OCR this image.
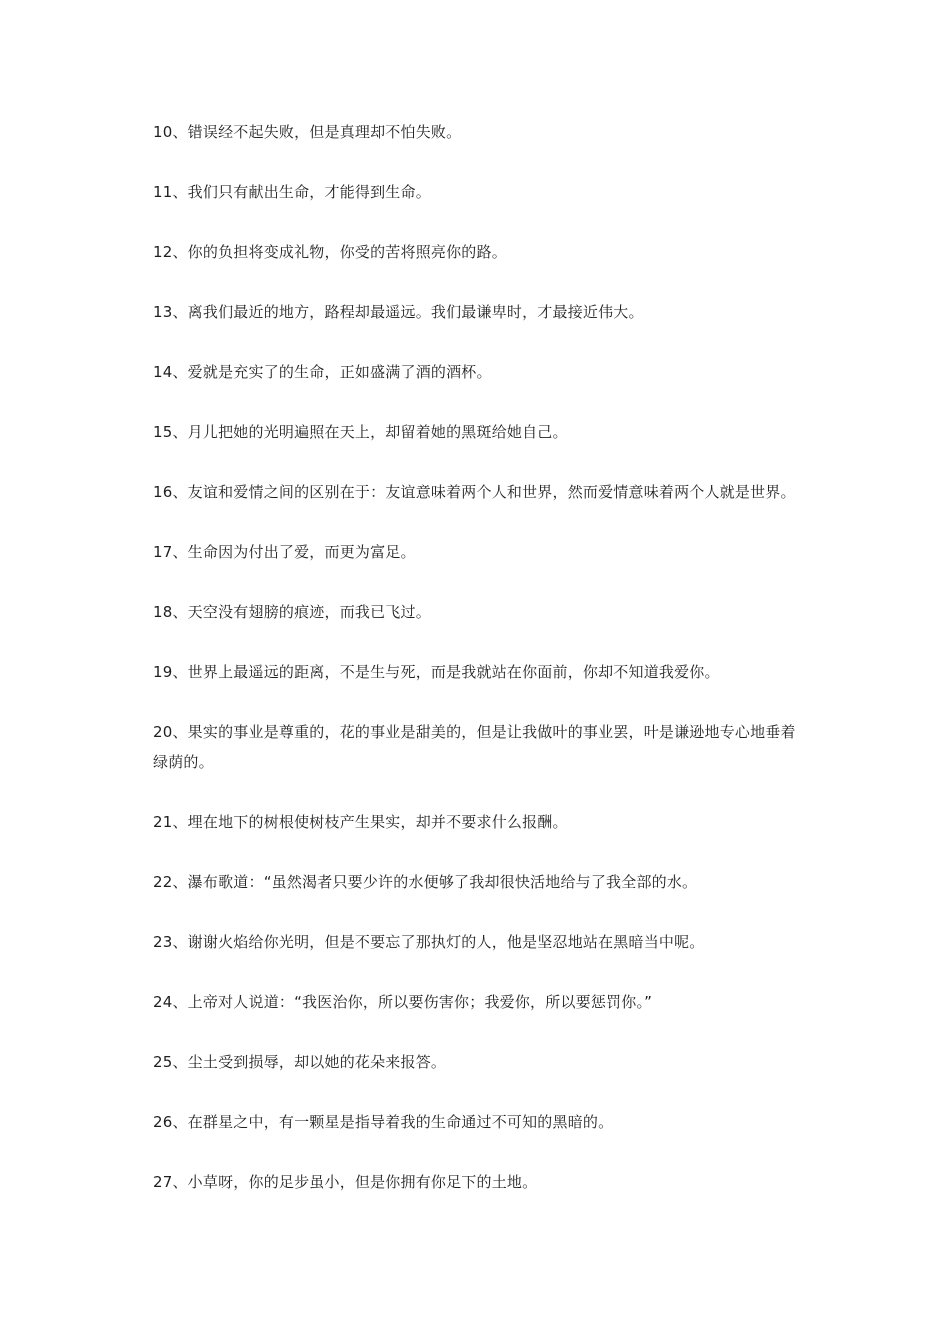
10、错误经不起失败，但是真理却不怕失败。
11、我们只有献出生命，才能得到生命。
12、你的负担将变成礼物，你受的苦将照亮你的路。
13、离我们最近的地方，路程却最遥远。我们最谦卑时，才最接近伟大。
14、爱就是充实了的生命，正如盛满了酒的酒杯。
15、月儿把她的光明遍照在天上，却留着她的黑斑给她自己。
16、友谊和爱情之间的区别在于：友谊意味着两个人和世界，然而爱情意味着两个人就是世界。
17、生命因为付出了爱，而更为富足。
18、天空没有翅膀的痕迹，而我已飞过。
19、世界上最遥远的距离，不是生与死，而是我就站在你面前，你却不知道我爱你。
20、果实的事业是尊重的，花的事业是甜美的，但是让我做叶的事业罢，叶是谦逊地专心地垂着绿荫的。
21、埋在地下的树根使树枝产生果实，却并不要求什么报酬。
22、瀑布歌道：“虽然渴者只要少许的水便够了我却很快活地给与了我全部的水。
23、谢谢火焰给你光明，但是不要忘了那执灯的人，他是坚忍地站在黑暗当中呢。
24、上帝对人说道：“我医治你，所以要伤害你；我爱你，所以要惩罚你。”
25、尘土受到损辱，却以她的花朵来报答。
26、在群星之中，有一颗星是指导着我的生命通过不可知的黑暗的。
27、小草呀，你的足步虽小，但是你拥有你足下的土地。
